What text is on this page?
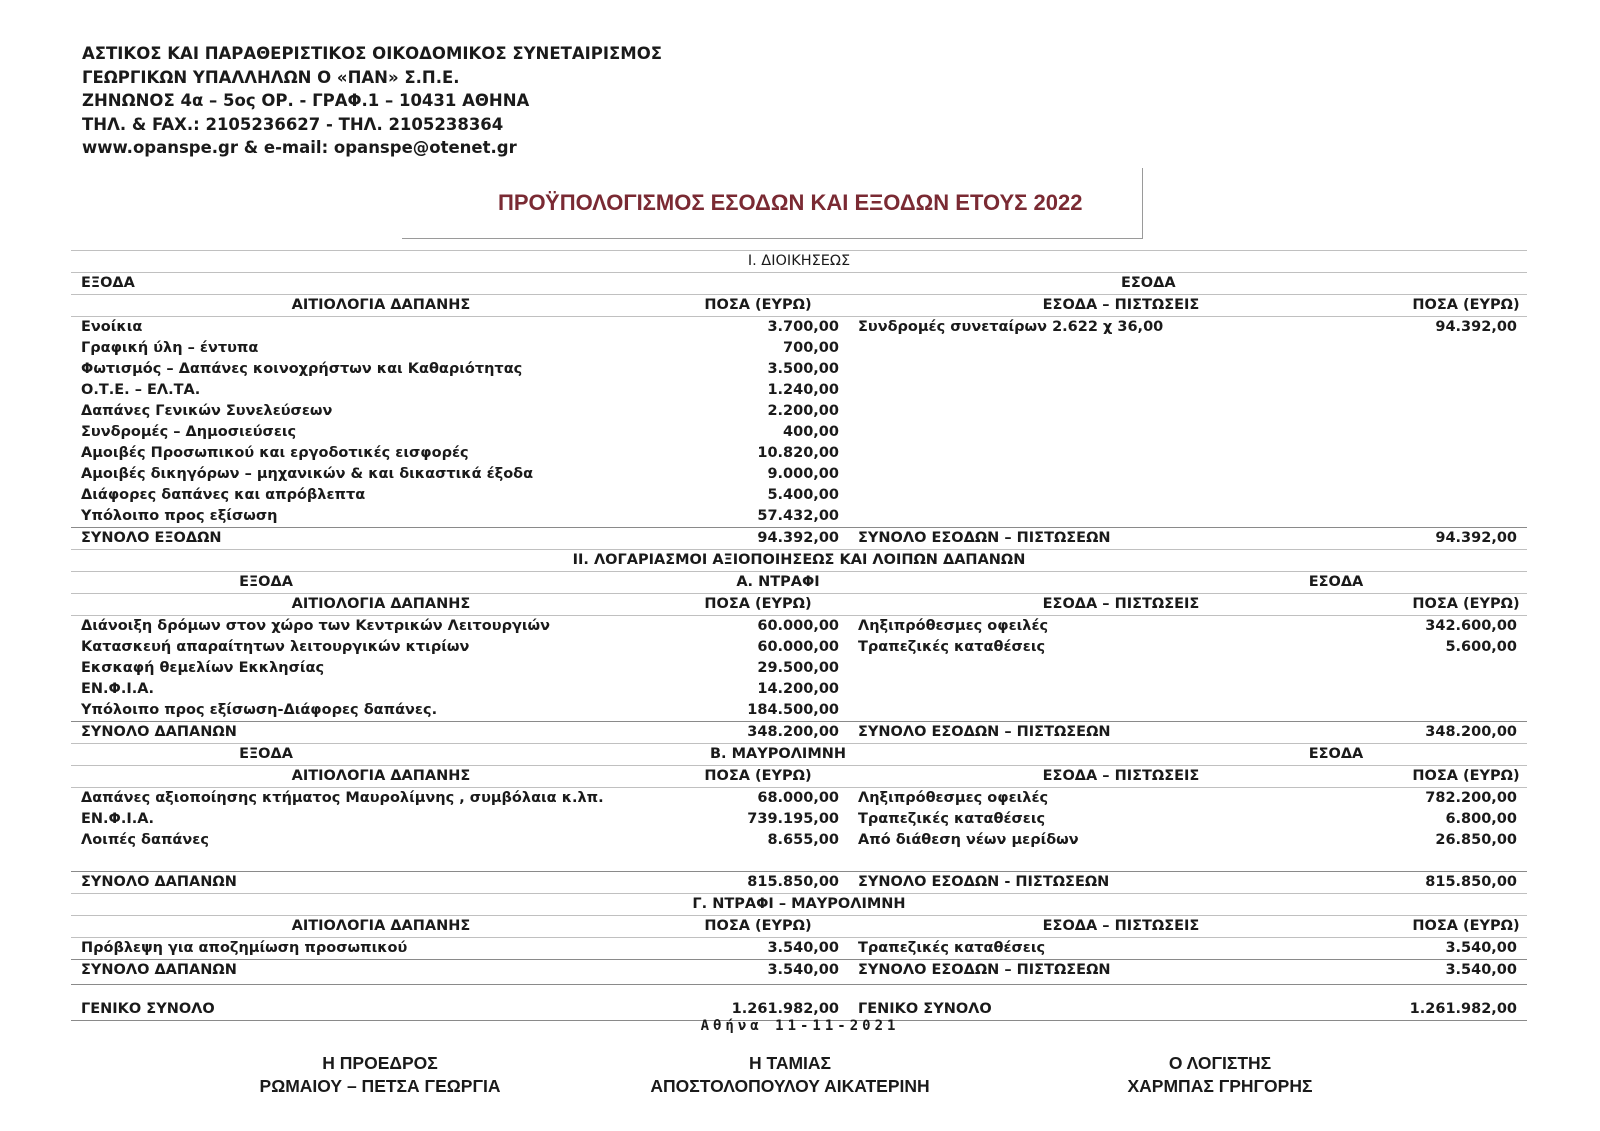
ΑΣΤΙΚΟΣ ΚΑΙ ΠΑΡΑΘΕΡΙΣΤΙΚΟΣ ΟΙΚΟΔΟΜΙΚΟΣ ΣΥΝΕΤΑΙΡΙΣΜΟΣ
ΓΕΩΡΓΙΚΩΝ ΥΠΑΛΛΗΛΩΝ Ο «ΠΑΝ» Σ.Π.Ε.
ΖΗΝΩΝΟΣ 4α – 5ος ΟΡ. - ΓΡΑΦ.1 – 10431 ΑΘΗΝΑ
ΤΗΛ. & FAX.: 2105236627 - ΤΗΛ. 2105238364
www.opanspe.gr & e-mail: opanspe@otenet.gr
ΠΡΟΫΠΟΛΟΓΙΣΜΟΣ ΕΣΟΔΩΝ ΚΑΙ ΕΞΟΔΩΝ ΕΤΟΥΣ 2022
I. ΔΙΟΙΚΗΣΕΩΣ
ΕΞΟΔΑ	ΕΣΟΔΑ
ΑΙΤΙΟΛΟΓΙΑ ΔΑΠΑΝΗΣ	ΠΟΣΑ (ΕΥΡΩ)	ΕΣΟΔΑ – ΠΙΣΤΩΣΕΙΣ	ΠΟΣΑ (ΕΥΡΩ)
Ενοίκια	3.700,00 Συνδρομές συνεταίρων 2.622 χ 36,00	94.392,00
Γραφική ύλη – έντυπα	700,00
Φωτισμός – Δαπάνες κοινοχρήστων και Καθαριότητας	3.500,00
Ο.Τ.Ε. – ΕΛ.ΤΑ.	1.240,00
Δαπάνες Γενικών Συνελεύσεων	2.200,00
Συνδρομές – Δημοσιεύσεις	400,00
Αμοιβές Προσωπικού και εργοδοτικές εισφορές	10.820,00
Αμοιβές δικηγόρων – μηχανικών & και δικαστικά έξοδα	9.000,00
Διάφορες δαπάνες και απρόβλεπτα	5.400,00
Υπόλοιπο προς εξίσωση	57.432,00
ΣΥΝΟΛΟ ΕΞΟΔΩΝ	94.392,00 ΣΥΝΟΛΟ ΕΣΟΔΩΝ – ΠΙΣΤΩΣΕΩΝ	94.392,00
II. ΛΟΓΑΡΙΑΣΜΟΙ ΑΞΙΟΠΟΙΗΣΕΩΣ ΚΑΙ ΛΟΙΠΩΝ ΔΑΠΑΝΩΝ
ΕΞΟΔΑ	Α. ΝΤΡΑΦΙ	ΕΣΟΔΑ
ΑΙΤΙΟΛΟΓΙΑ ΔΑΠΑΝΗΣ	ΠΟΣΑ (ΕΥΡΩ)	ΕΣΟΔΑ – ΠΙΣΤΩΣΕΙΣ	ΠΟΣΑ (ΕΥΡΩ)
Διάνοιξη δρόμων στον χώρο των Κεντρικών Λειτουργιών	60.000,00 Ληξιπρόθεσμες οφειλές	342.600,00
Κατασκευή απαραίτητων λειτουργικών κτιρίων	60.000,00 Τραπεζικές καταθέσεις	5.600,00
Εκσκαφή θεμελίων Εκκλησίας	29.500,00
ΕΝ.Φ.Ι.Α.	14.200,00
Υπόλοιπο προς εξίσωση-Διάφορες δαπάνες.	184.500,00
ΣΥΝΟΛΟ ΔΑΠΑΝΩΝ	348.200,00 ΣΥΝΟΛΟ ΕΣΟΔΩΝ – ΠΙΣΤΩΣΕΩΝ	348.200,00
ΕΞΟΔΑ	Β. ΜΑΥΡΟΛΙΜΝΗ	ΕΣΟΔΑ
ΑΙΤΙΟΛΟΓΙΑ ΔΑΠΑΝΗΣ	ΠΟΣΑ (ΕΥΡΩ)	ΕΣΟΔΑ – ΠΙΣΤΩΣΕΙΣ	ΠΟΣΑ (ΕΥΡΩ)
Δαπάνες αξιοποίησης κτήματος Μαυρολίμνης , συμβόλαια κ.λπ.	68.000,00 Ληξιπρόθεσμες οφειλές	782.200,00
ΕΝ.Φ.Ι.Α.	739.195,00 Τραπεζικές καταθέσεις	6.800,00
Λοιπές δαπάνες	8.655,00 Από διάθεση νέων μερίδων	26.850,00
ΣΥΝΟΛΟ ΔΑΠΑΝΩΝ	815.850,00 ΣΥΝΟΛΟ ΕΣΟΔΩΝ - ΠΙΣΤΩΣΕΩΝ	815.850,00
Γ. ΝΤΡΑΦΙ – ΜΑΥΡΟΛΙΜΝΗ
ΑΙΤΙΟΛΟΓΙΑ ΔΑΠΑΝΗΣ	ΠΟΣΑ (ΕΥΡΩ)	ΕΣΟΔΑ – ΠΙΣΤΩΣΕΙΣ	ΠΟΣΑ (ΕΥΡΩ)
Πρόβλεψη για αποζημίωση προσωπικού	3.540,00 Τραπεζικές καταθέσεις	3.540,00
ΣΥΝΟΛΟ ΔΑΠΑΝΩΝ	3.540,00 ΣΥΝΟΛΟ ΕΣΟΔΩΝ – ΠΙΣΤΩΣΕΩΝ	3.540,00
ΓΕΝΙΚΟ ΣΥΝΟΛΟ	1.261.982,00 ΓΕΝΙΚΟ ΣΥΝΟΛΟ	1.261.982,00
Αθήνα 11-11-2021
Η ΠΡΟΕΔΡΟΣ
ΡΩΜΑΙΟΥ – ΠΕΤΣΑ ΓΕΩΡΓΙΑ
Η ΤΑΜΙΑΣ
ΑΠΟΣΤΟΛΟΠΟΥΛΟΥ ΑΙΚΑΤΕΡΙΝΗ
Ο ΛΟΓΙΣΤΗΣ
ΧΑΡΜΠΑΣ ΓΡΗΓΟΡΗΣ
